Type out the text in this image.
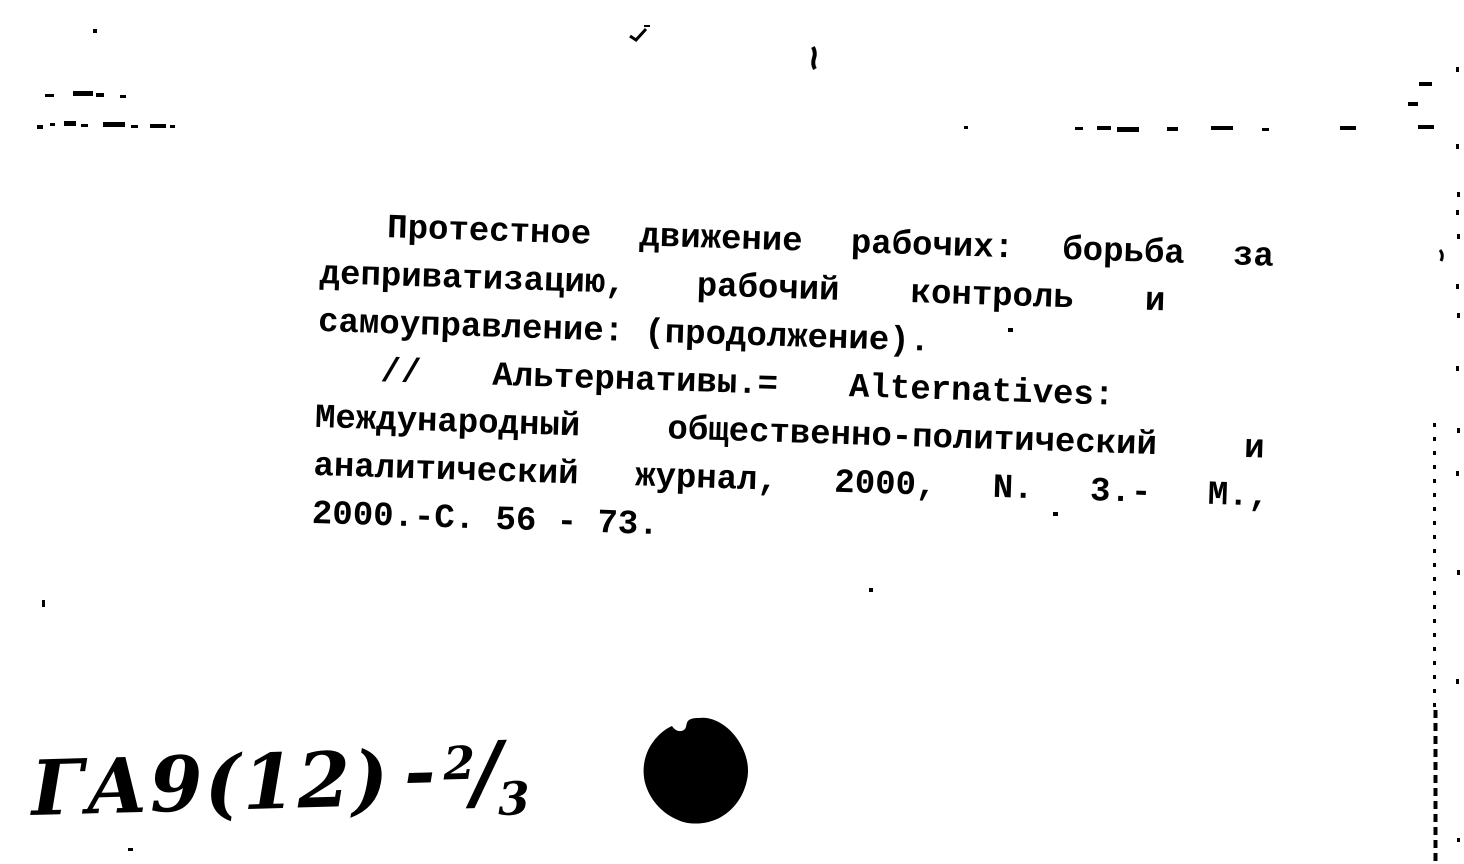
Протестное движение рабочих: борьба за
деприватизацию, рабочий контроль и
самоуправление: (продолжение).
// Альтернативы.= Alternatives:
Международный	общественно-политический	и
аналитический журнал, 2000, N. 3.- М.,
2000.-С. 56 - 73.
ГА9(12) -$^2$/3
